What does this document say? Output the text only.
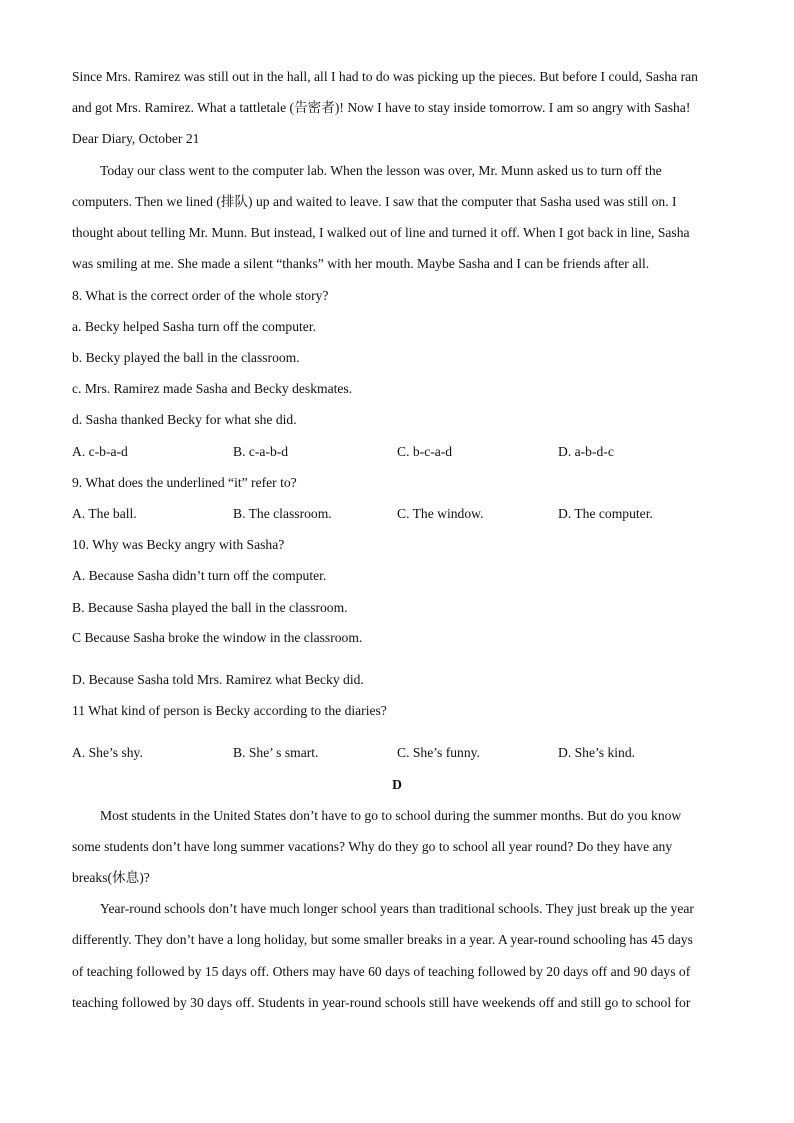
Since Mrs. Ramirez was still out in the hall, all I had to do was picking up the pieces. But before I could, Sasha ran
and got Mrs. Ramirez. What a tattletale (告密者)! Now I have to stay inside tomorrow. I am so angry with Sasha!
Dear Diary, October 21
Today our class went to the computer lab. When the lesson was over, Mr. Munn asked us to turn off the
computers. Then we lined (排队) up and waited to leave. I saw that the computer that Sasha used was still on. I
thought about telling Mr. Munn. But instead, I walked out of line and turned it off. When I got back in line, Sasha
was smiling at me. She made a silent “thanks” with her mouth. Maybe Sasha and I can be friends after all.
8. What is the correct order of the whole story?
a. Becky helped Sasha turn off the computer.
b. Becky played the ball in the classroom.
c. Mrs. Ramirez made Sasha and Becky deskmates.
d. Sasha thanked Becky for what she did.
A. c-b-a-d	B. c-a-b-d	C. b-c-a-d	D. a-b-d-c
9. What does the underlined “it” refer to?
A. The ball.	B. The classroom.	C. The window.	D. The computer.
10. Why was Becky angry with Sasha?
A. Because Sasha didn’t turn off the computer.
B. Because Sasha played the ball in the classroom.
C Because Sasha broke the window in the classroom.
D. Because Sasha told Mrs. Ramirez what Becky did.
11 What kind of person is Becky according to the diaries?
A. She’s shy.	B. She’ s smart.	C. She’s funny.	D. She’s kind.
D
Most students in the United States don’t have to go to school during the summer months. But do you know
some students don’t have long summer vacations? Why do they go to school all year round? Do they have any
breaks(休息)?
Year-round schools don’t have much longer school years than traditional schools. They just break up the year
differently. They don’t have a long holiday, but some smaller breaks in a year. A year-round schooling has 45 days
of teaching followed by 15 days off. Others may have 60 days of teaching followed by 20 days off and 90 days of
teaching followed by 30 days off. Students in year-round schools still have weekends off and still go to school for
